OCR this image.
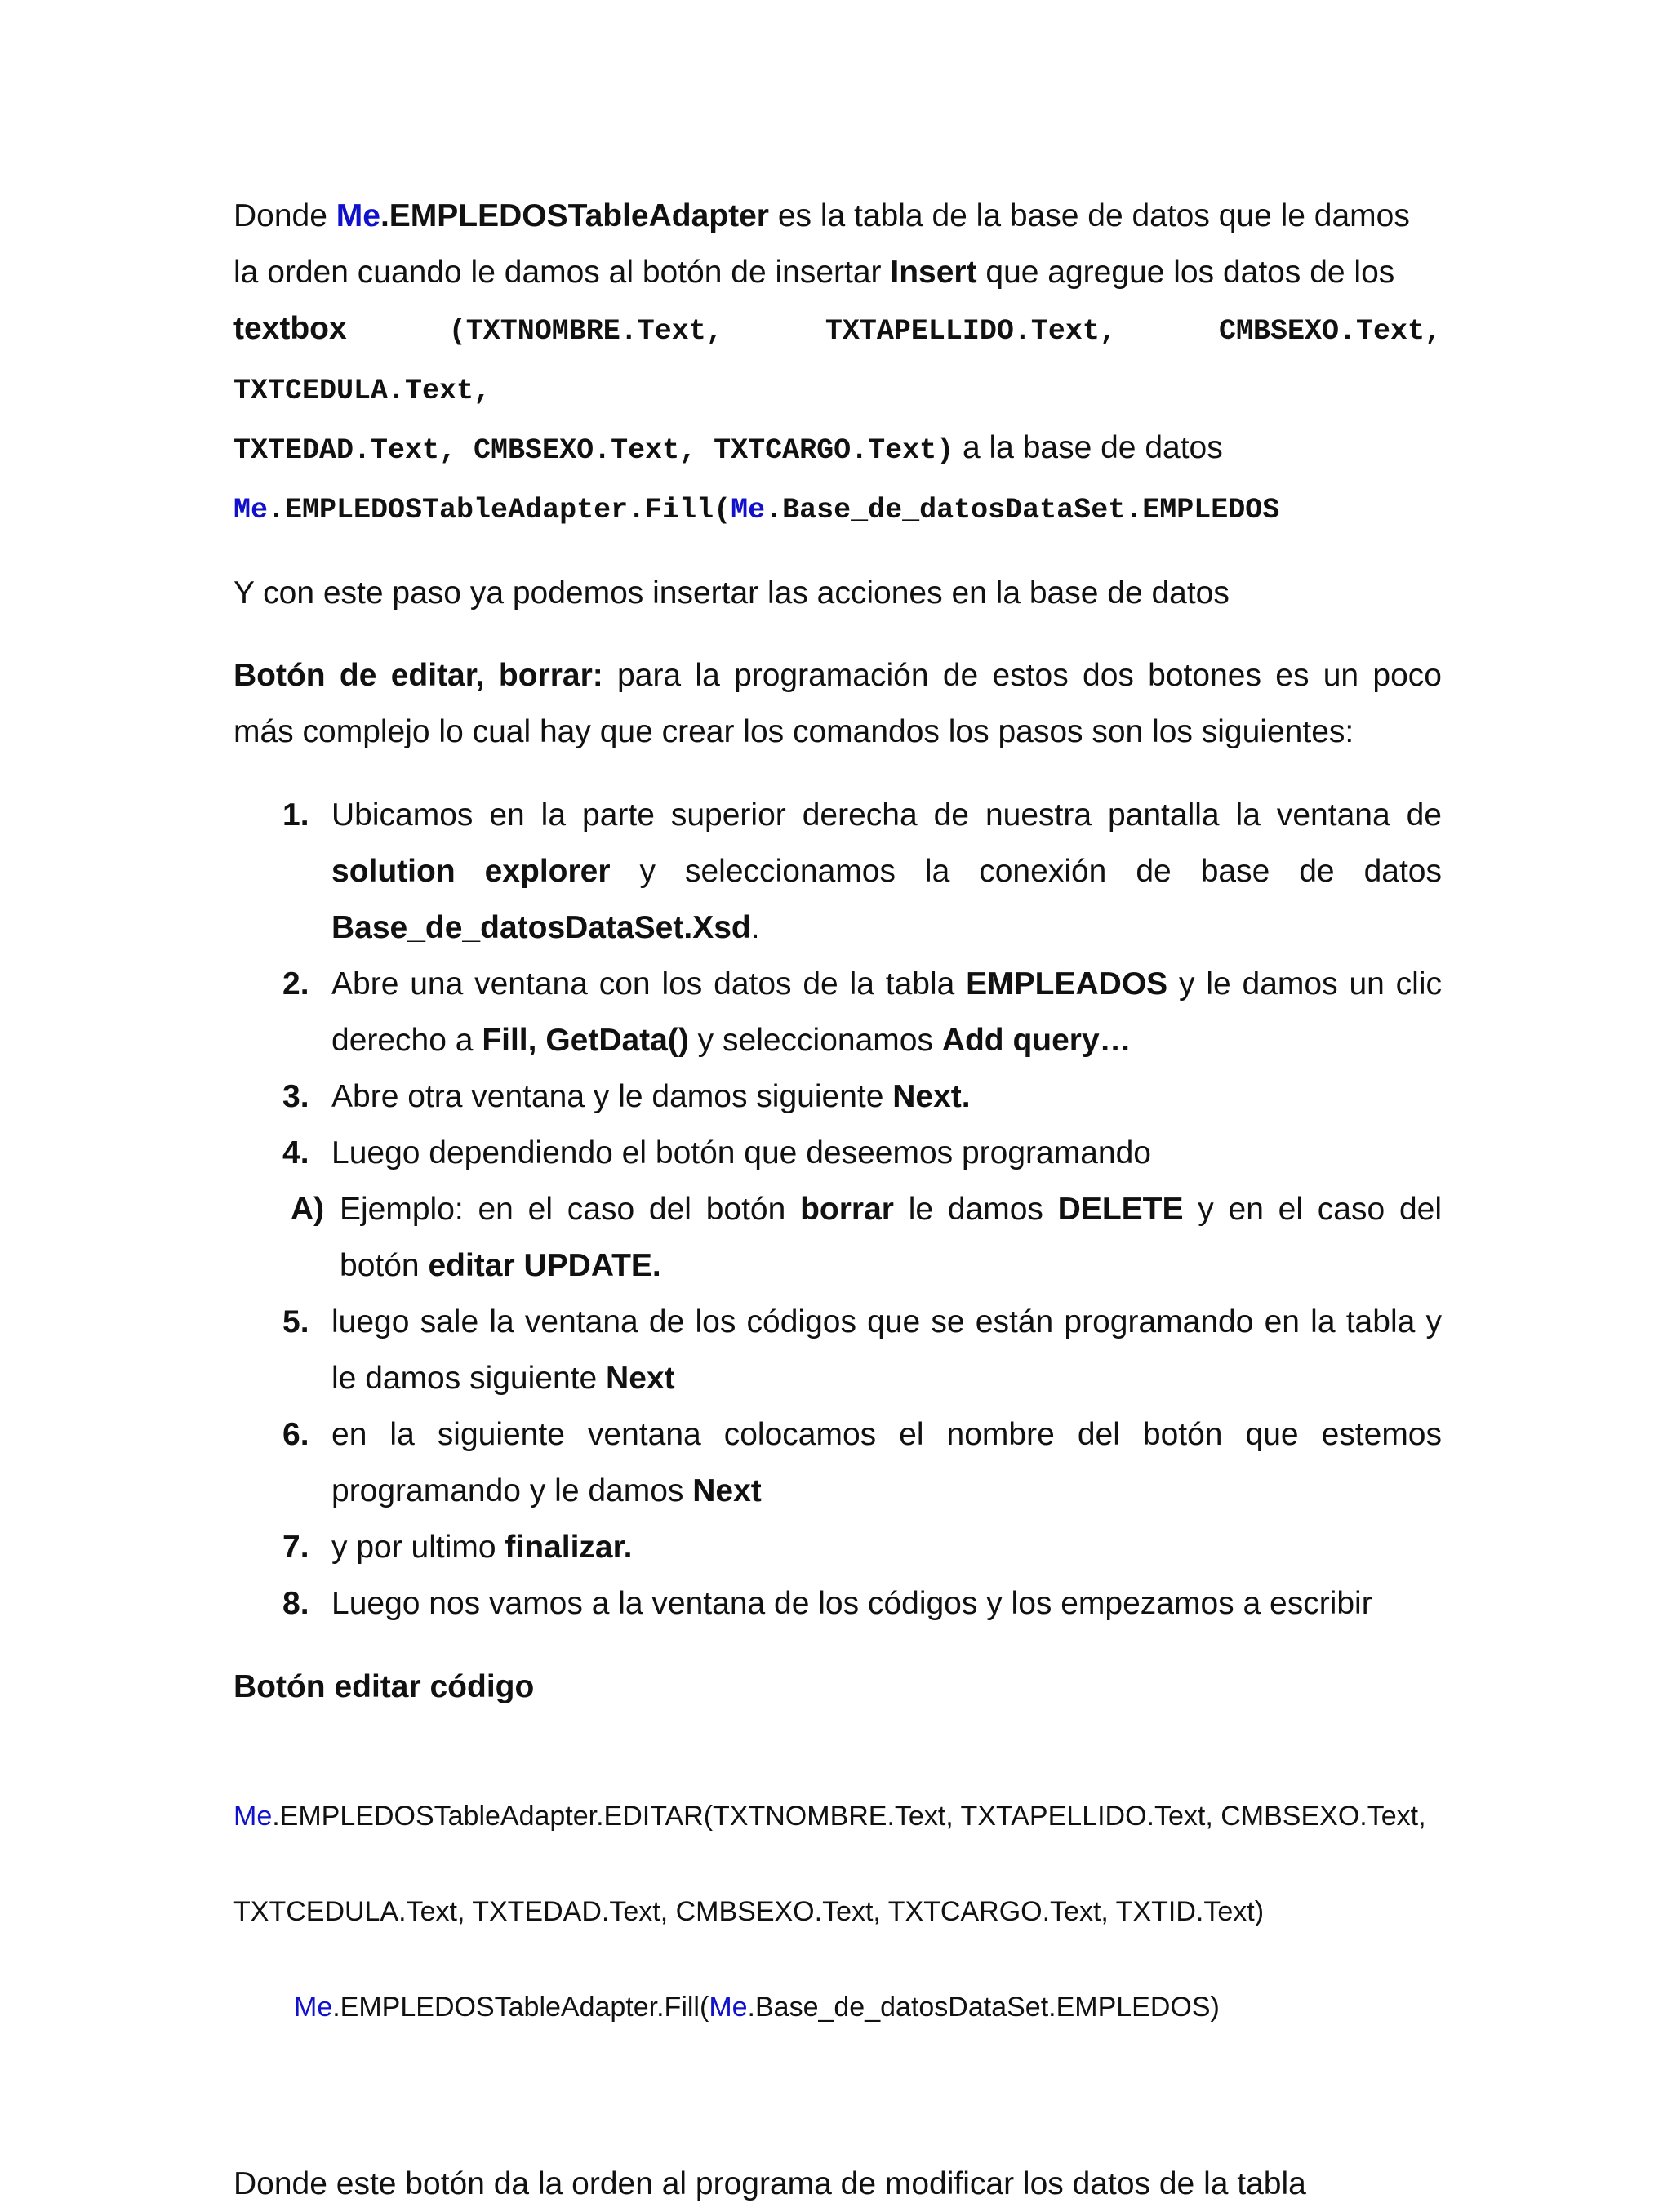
Donde Me.EMPLEDOSTableAdapter es la tabla de la base de datos que le damos
la orden cuando le damos al botón de insertar Insert que agregue los datos de los
textbox (TXTNOMBRE.Text, TXTAPELLIDO.Text, CMBSEXO.Text, TXTCEDULA.Text,
TXTEDAD.Text, CMBSEXO.Text, TXTCARGO.Text) a la base de datos
Me.EMPLEDOSTableAdapter.Fill(Me.Base_de_datosDataSet.EMPLEDOS
Y con este paso ya podemos insertar las acciones en la base de datos
Botón de editar, borrar: para la programación de estos dos botones es un poco más complejo lo cual hay que crear los comandos los pasos son los siguientes:
1. Ubicamos en la parte superior derecha de nuestra pantalla la ventana de solution explorer y seleccionamos la conexión de base de datos Base_de_datosDataSet.Xsd.
2. Abre una ventana con los datos de la tabla EMPLEADOS y le damos un clic derecho a Fill, GetData() y seleccionamos Add query…
3. Abre otra ventana y le damos siguiente Next.
4. Luego dependiendo el botón que deseemos programando
A) Ejemplo: en el caso del botón borrar le damos DELETE y en el caso del botón editar UPDATE.
5. luego sale la ventana de los códigos que se están programando en la tabla y le damos siguiente Next
6. en la siguiente ventana colocamos el nombre del botón que estemos programando y le damos Next
7. y por ultimo finalizar.
8. Luego nos vamos a la ventana de los códigos y los empezamos a escribir
Botón editar código

Me.EMPLEDOSTableAdapter.EDITAR(TXTNOMBRE.Text, TXTAPELLIDO.Text, CMBSEXO.Text,

TXTCEDULA.Text, TXTEDAD.Text, CMBSEXO.Text, TXTCARGO.Text, TXTID.Text)

Me.EMPLEDOSTableAdapter.Fill(Me.Base_de_datosDataSet.EMPLEDOS)

Donde este botón da la orden al programa de modificar los datos de la tabla
